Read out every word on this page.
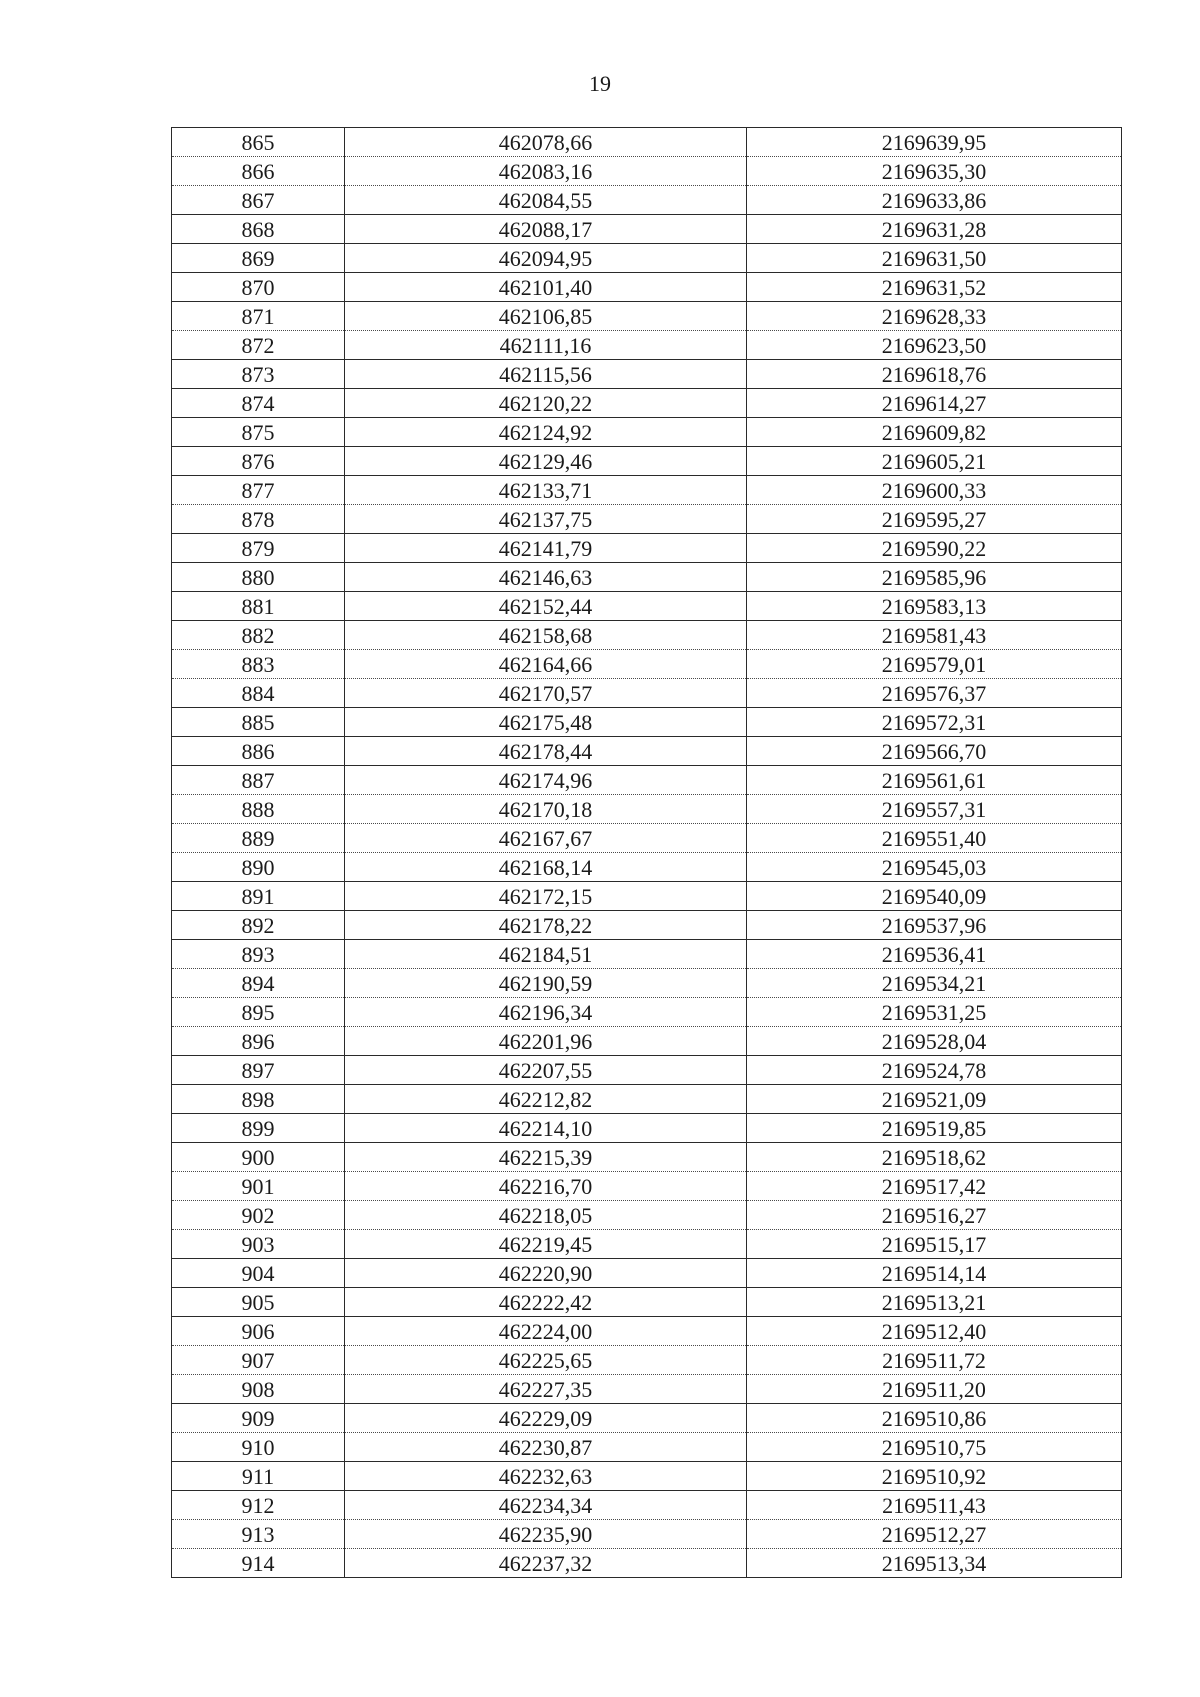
19
865	462078,66	2169639,95
866	462083,16	2169635,30
867	462084,55	2169633,86
868	462088,17	2169631,28
869	462094,95	2169631,50
870	462101,40	2169631,52
871	462106,85	2169628,33
872	462111,16	2169623,50
873	462115,56	2169618,76
874	462120,22	2169614,27
875	462124,92	2169609,82
876	462129,46	2169605,21
877	462133,71	2169600,33
878	462137,75	2169595,27
879	462141,79	2169590,22
880	462146,63	2169585,96
881	462152,44	2169583,13
882	462158,68	2169581,43
883	462164,66	2169579,01
884	462170,57	2169576,37
885	462175,48	2169572,31
886	462178,44	2169566,70
887	462174,96	2169561,61
888	462170,18	2169557,31
889	462167,67	2169551,40
890	462168,14	2169545,03
891	462172,15	2169540,09
892	462178,22	2169537,96
893	462184,51	2169536,41
894	462190,59	2169534,21
895	462196,34	2169531,25
896	462201,96	2169528,04
897	462207,55	2169524,78
898	462212,82	2169521,09
899	462214,10	2169519,85
900	462215,39	2169518,62
901	462216,70	2169517,42
902	462218,05	2169516,27
903	462219,45	2169515,17
904	462220,90	2169514,14
905	462222,42	2169513,21
906	462224,00	2169512,40
907	462225,65	2169511,72
908	462227,35	2169511,20
909	462229,09	2169510,86
910	462230,87	2169510,75
911	462232,63	2169510,92
912	462234,34	2169511,43
913	462235,90	2169512,27
914	462237,32	2169513,34
